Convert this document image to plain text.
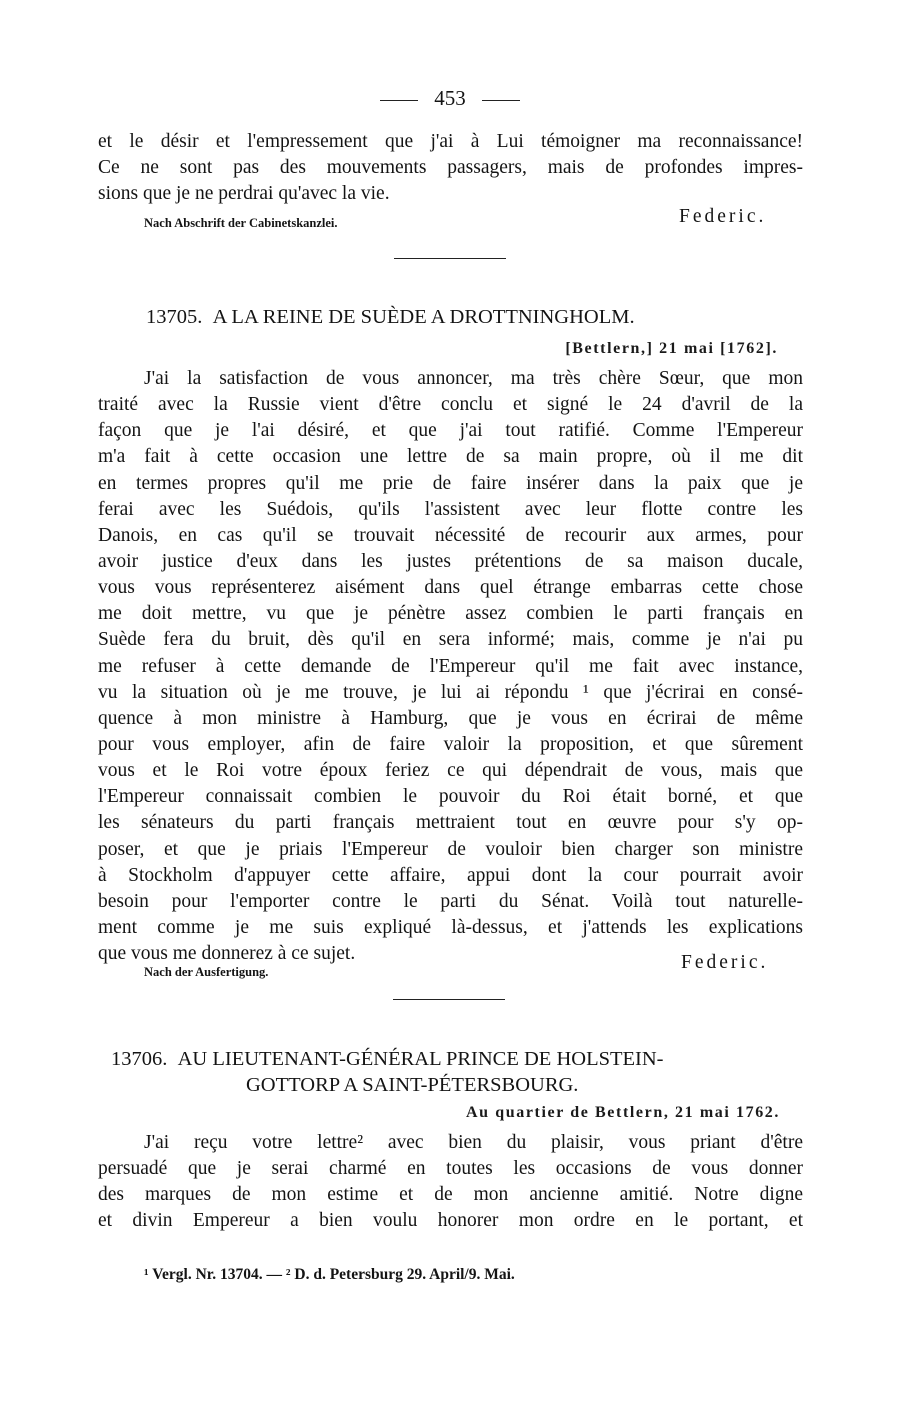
453
et le désir et l'empressement que j'ai à Lui témoigner ma reconnaissance!
Ce ne sont pas des mouvements passagers, mais de profondes impres-
sions que je ne perdrai qu'avec la vie.
Nach Abschrift der Cabinetskanzlei.	Federic.
13705. A LA REINE DE SUÈDE A DROTTNINGHOLM.
[Bettlern,] 21 mai [1762].
J'ai la satisfaction de vous annoncer, ma très chère Sœur, que mon
traité avec la Russie vient d'être conclu et signé le 24 d'avril de la
façon que je l'ai désiré, et que j'ai tout ratifié. Comme l'Empereur
m'a fait à cette occasion une lettre de sa main propre, où il me dit
en termes propres qu'il me prie de faire insérer dans la paix que je
ferai avec les Suédois, qu'ils l'assistent avec leur flotte contre les
Danois, en cas qu'il se trouvait nécessité de recourir aux armes, pour
avoir justice d'eux dans les justes prétentions de sa maison ducale,
vous vous représenterez aisément dans quel étrange embarras cette chose
me doit mettre, vu que je pénètre assez combien le parti français en
Suède fera du bruit, dès qu'il en sera informé; mais, comme je n'ai pu
me refuser à cette demande de l'Empereur qu'il me fait avec instance,
vu la situation où je me trouve, je lui ai répondu ¹ que j'écrirai en consé-
quence à mon ministre à Hamburg, que je vous en écrirai de même
pour vous employer, afin de faire valoir la proposition, et que sûrement
vous et le Roi votre époux feriez ce qui dépendrait de vous, mais que
l'Empereur connaissait combien le pouvoir du Roi était borné, et que
les sénateurs du parti français mettraient tout en œuvre pour s'y op-
poser, et que je priais l'Empereur de vouloir bien charger son ministre
à Stockholm d'appuyer cette affaire, appui dont la cour pourrait avoir
besoin pour l'emporter contre le parti du Sénat. Voilà tout naturelle-
ment comme je me suis expliqué là-dessus, et j'attends les explications
que vous me donnerez à ce sujet.
Nach der Ausfertigung.	Federic.
13706. AU LIEUTENANT-GÉNÉRAL PRINCE DE HOLSTEIN-
GOTTORP A SAINT-PÉTERSBOURG.
Au quartier de Bettlern, 21 mai 1762.
J'ai reçu votre lettre² avec bien du plaisir, vous priant d'être
persuadé que je serai charmé en toutes les occasions de vous donner
des marques de mon estime et de mon ancienne amitié. Notre digne
et divin Empereur a bien voulu honorer mon ordre en le portant, et
¹ Vergl. Nr. 13704. — ² D. d. Petersburg 29. April/9. Mai.
